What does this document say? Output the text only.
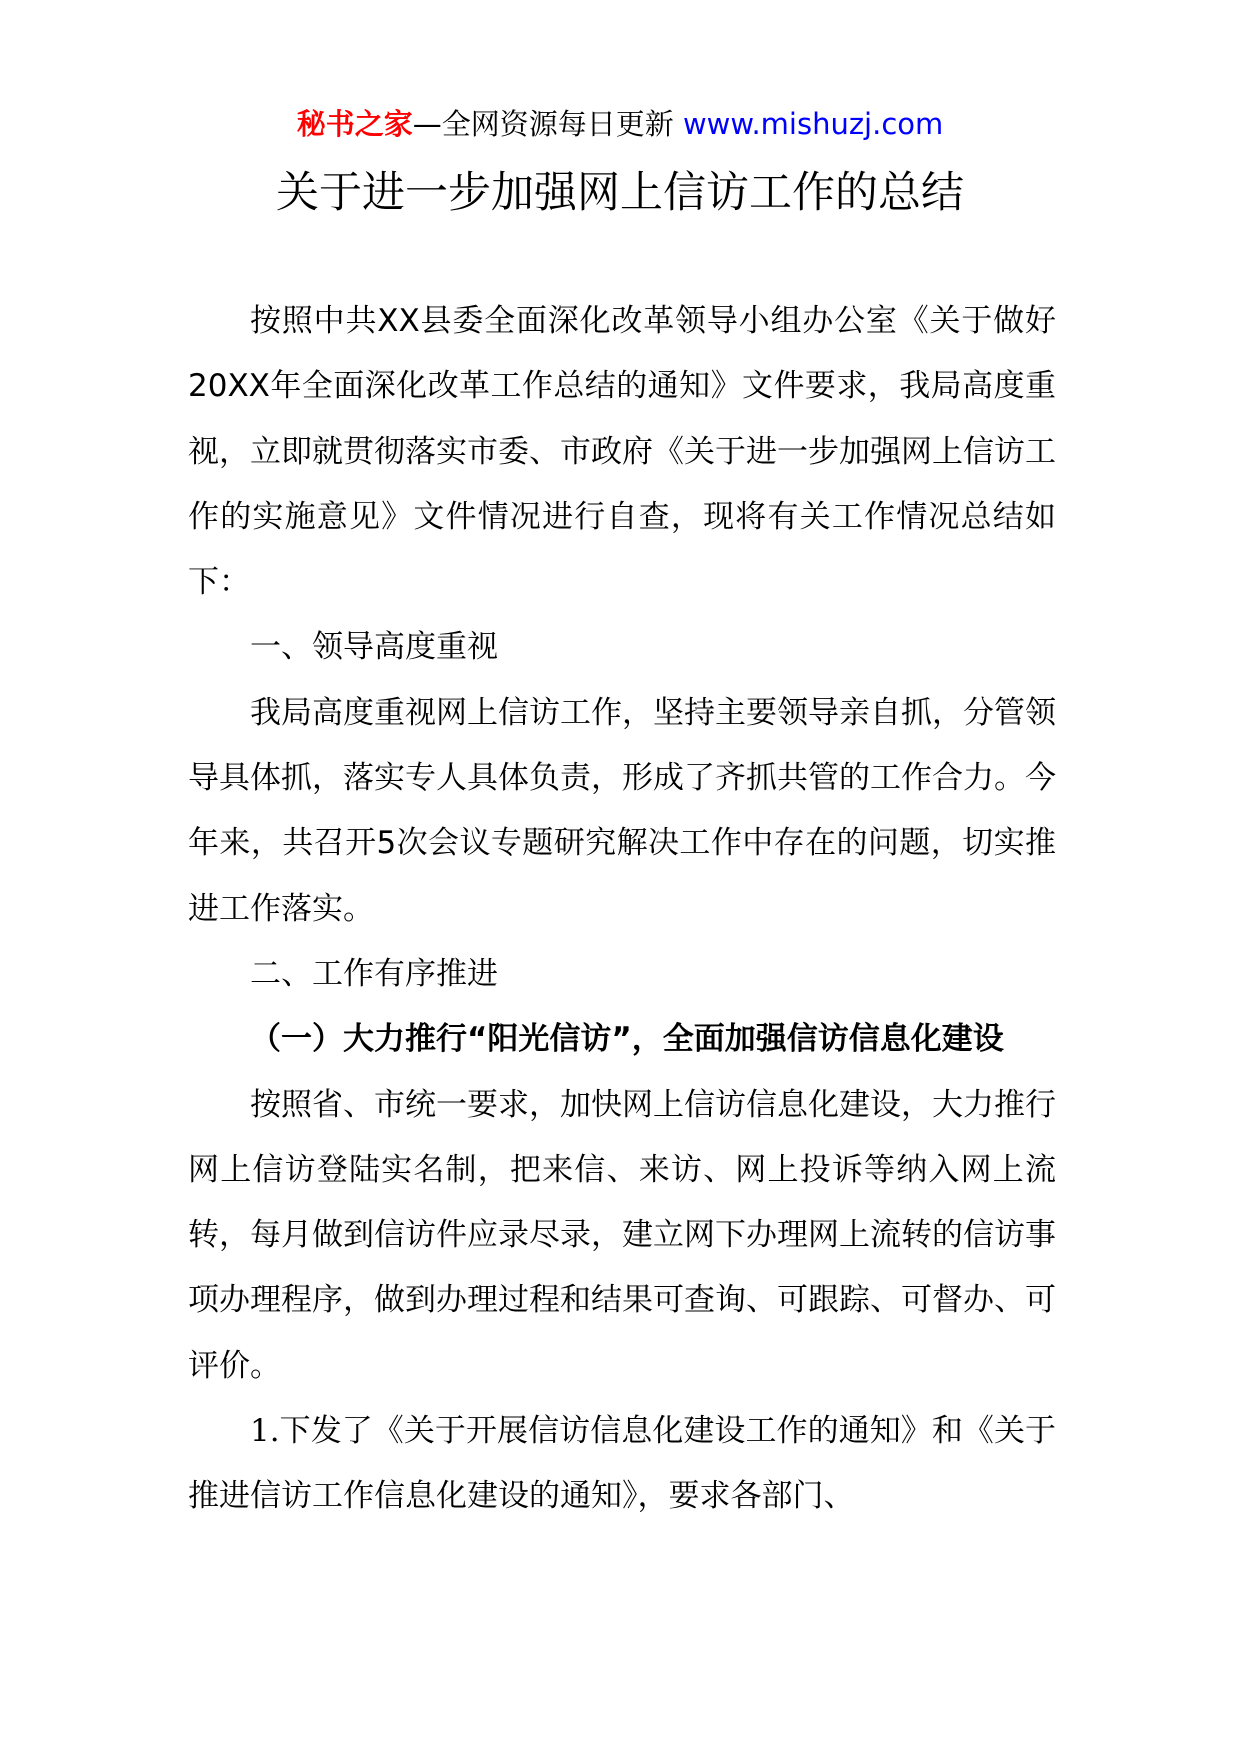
秘书之家—全网资源每日更新 www.mishuzj.com
关于进一步加强网上信访工作的总结

按照中共XX县委全面深化改革领导小组办公室《关于做好20XX年全面深化改革工作总结的通知》文件要求，我局高度重视，立即就贯彻落实市委、市政府《关于进一步加强网上信访工作的实施意见》文件情况进行自查，现将有关工作情况总结如下：

一、领导高度重视

我局高度重视网上信访工作，坚持主要领导亲自抓，分管领导具体抓，落实专人具体负责，形成了齐抓共管的工作合力。今年来，共召开5次会议专题研究解决工作中存在的问题，切实推进工作落实。

二、工作有序推进

（一）大力推行“阳光信访”，全面加强信访信息化建设

按照省、市统一要求，加快网上信访信息化建设，大力推行网上信访登陆实名制，把来信、来访、网上投诉等纳入网上流转，每月做到信访件应录尽录，建立网下办理网上流转的信访事项办理程序，做到办理过程和结果可查询、可跟踪、可督办、可评价。

1.下发了《关于开展信访信息化建设工作的通知》和《关于推进信访工作信息化建设的通知》，要求各部门、
